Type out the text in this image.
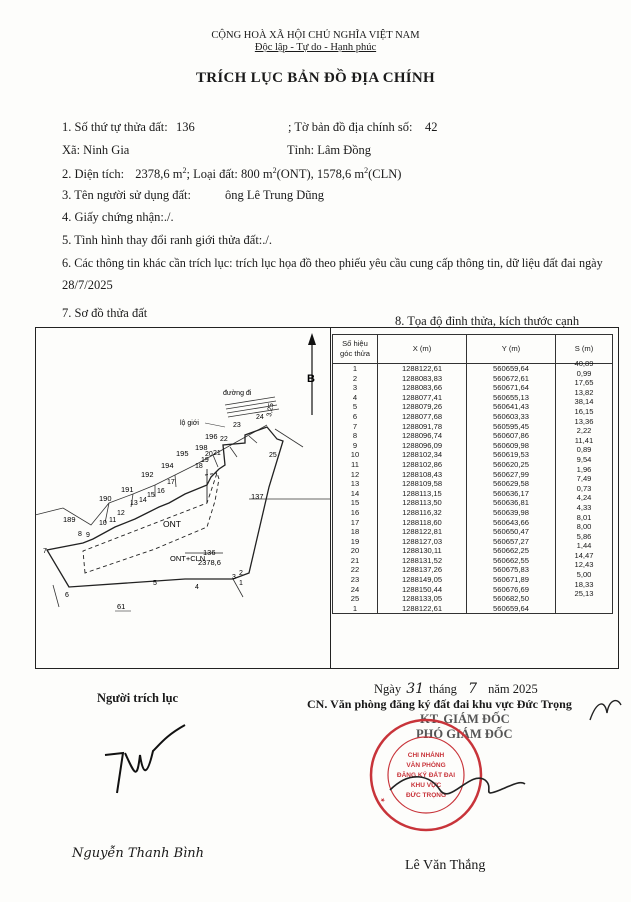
CỘNG HOÀ XÃ HỘI CHỦ NGHĨA VIỆT NAM
Độc lập - Tự do - Hạnh phúc
TRÍCH LỤC BẢN ĐỒ ĐỊA CHÍNH
1. Số thứ tự thửa đất: 136	; Tờ bản đồ địa chính số: 42
Xã: Ninh Gia	Tỉnh: Lâm Đồng
2. Diện tích: 2378,6 $m^2$; Loại đất: 800 $m^2(ONT)$, 1578,6 $m^2(CLN)$
3. Tên người sử dụng đất:	ông Lê Trung Dũng
4. Giấy chứng nhận:./.
5. Tình hình thay đổi ranh giới thửa đất:./.
6. Các thông tin khác cần trích lục: trích lục họa đồ theo phiếu yêu cầu cung cấp thông tin, dữ liệu đất đai ngày
28/7/2025
7. Sơ đồ thửa đất
8. Tọa độ đỉnh thửa, kích thước cạnh
B
đường đi
3,25
lộ giới
1
2
3
4
5
6
7
8 9
10 11
12
13 14
15
16
17
18
19
20 21
22
23
24
25
189
190
191
192
194
195
196
198
137
61
ONT
ONT+CLN
136
2378,6
Số hiệu góc thửa	X (m)	Y (m)	S (m)
1	1288122,61	560659,64	40,89
2	1288083,83	560672,61	0,99
3	1288083,66	560671,64	17,65
4	1288077,41	560655,13	13,82
5	1288079,26	560641,43	38,14
6	1288077,68	560603,33	16,15
7	1288091,78	560595,45	13,36
8	1288096,74	560607,86	2,22
9	1288096,09	560609,98	11,41
10	1288102,34	560619,53	0,89
11	1288102,86	560620,25	9,54
12	1288108,43	560627,99	1,96
13	1288109,58	560629,58	7,49
14	1288113,15	560636,17	0,73
15	1288113,50	560636,81	4,24
16	1288116,32	560639,98	4,33
17	1288118,60	560643,66	8,01
18	1288122,81	560650,47	8,00
19	1288127,03	560657,27	5,86
20	1288130,11	560662,25	1,44
21	1288131,52	560662,55	14,47
22	1288137,26	560675,83	12,43
23	1288149,05	560671,89	5,00
24	1288150,44	560676,69	18,33
25	1288133,05	560682,50	25,13
1	1288122,61	560659,64	
Ngày 31 tháng 7 năm 2025
Người trích lục	CN. Văn phòng đăng ký đất đai khu vực Đức Trọng
KT. GIÁM ĐỐC
PHÓ GIÁM ĐỐC
CHI NHÁNH
VĂN PHÒNG
ĐĂNG KÝ ĐẤT ĐAI
KHU VỰC
ĐỨC TRỌNG
★
Nguyễn Thanh Bình
Lê Văn Thắng
